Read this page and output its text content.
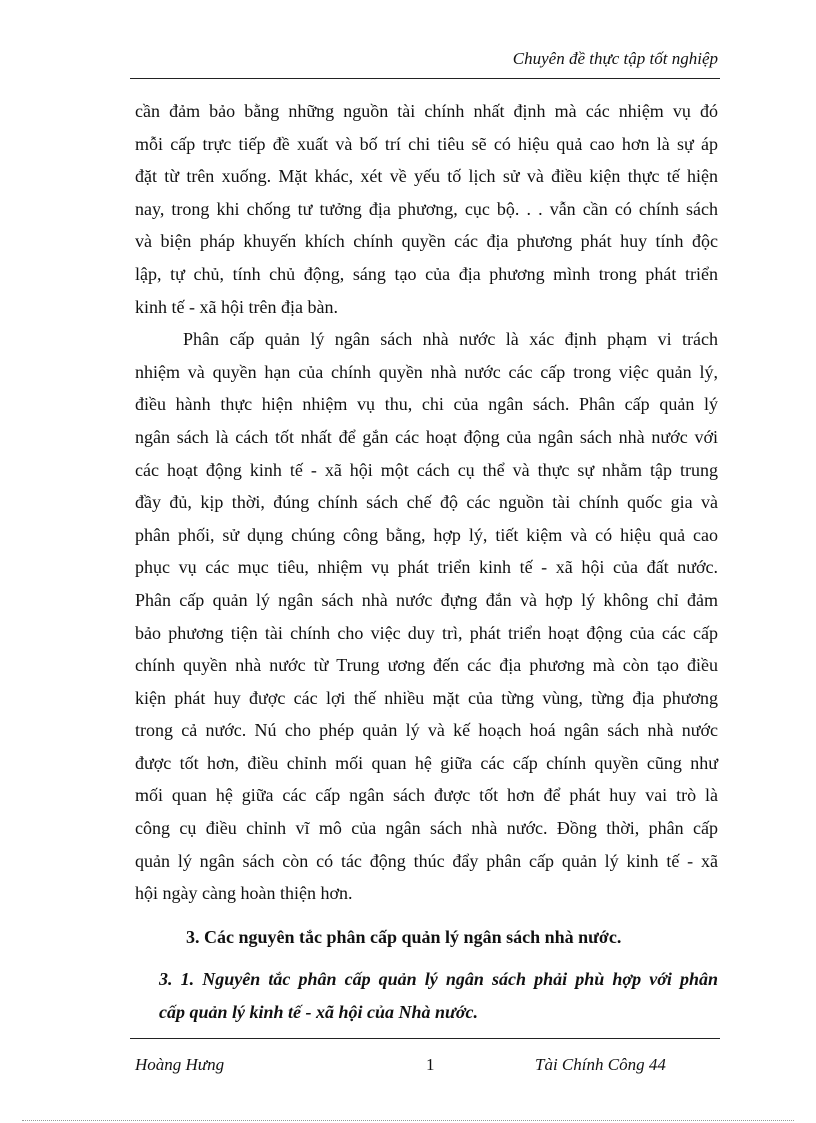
Chuyên đề thực tập tốt nghiệp

cần đảm bảo bằng những nguồn tài chính nhất định mà các nhiệm vụ đó
mỗi cấp trực tiếp đề xuất và bố trí chi tiêu sẽ có hiệu quả cao hơn là sự áp
đặt từ trên xuống. Mặt khác, xét về yếu tố lịch sử và điều kiện thực tế hiện
nay, trong khi chống tư tưởng địa phương, cục bộ. . . vẫn cần có chính sách
và biện pháp khuyến khích chính quyền các địa phương phát huy tính độc
lập, tự chủ, tính chủ động, sáng tạo của địa phương mình trong phát triển
kinh tế - xã hội trên địa bàn.

Phân cấp quản lý ngân sách nhà nước là xác định phạm vi trách
nhiệm và quyền hạn của chính quyền nhà nước các cấp trong việc quản lý,
điều hành thực hiện nhiệm vụ thu, chi của ngân sách. Phân cấp quản lý
ngân sách là cách tốt nhất để gắn các hoạt động của ngân sách nhà nước với
các hoạt động kinh tế - xã hội một cách cụ thể và thực sự nhằm tập trung
đầy đủ, kịp thời, đúng chính sách chế độ các nguồn tài chính quốc gia và
phân phối, sử dụng chúng công bằng, hợp lý, tiết kiệm và có hiệu quả cao
phục vụ các mục tiêu, nhiệm vụ phát triển kinh tế - xã hội của đất nước.
Phân cấp quản lý ngân sách nhà nước đựng đắn và hợp lý không chỉ đảm
bảo phương tiện tài chính cho việc duy trì, phát triển hoạt động của các cấp
chính quyền nhà nước từ Trung ương đến các địa phương mà còn tạo điều
kiện phát huy được các lợi thế nhiều mặt của từng vùng, từng địa phương
trong cả nước. Nú cho phép quản lý và kế hoạch hoá ngân sách nhà nước
được tốt hơn, điều chỉnh mối quan hệ giữa các cấp chính quyền cũng như
mối quan hệ giữa các cấp ngân sách được tốt hơn để phát huy vai trò là
công cụ điều chỉnh vĩ mô của ngân sách nhà nước. Đồng thời, phân cấp
quản lý ngân sách còn có tác động thúc đẩy phân cấp quản lý kinh tế - xã
hội ngày càng hoàn thiện hơn.

3. Các nguyên tắc phân cấp quản lý ngân sách nhà nước.
3. 1. Nguyên tắc phân cấp quản lý ngân sách phải phù hợp với phân
cấp quản lý kinh tế - xã hội của Nhà nước.
Hoàng Hưng	1	Tài Chính Công 44
